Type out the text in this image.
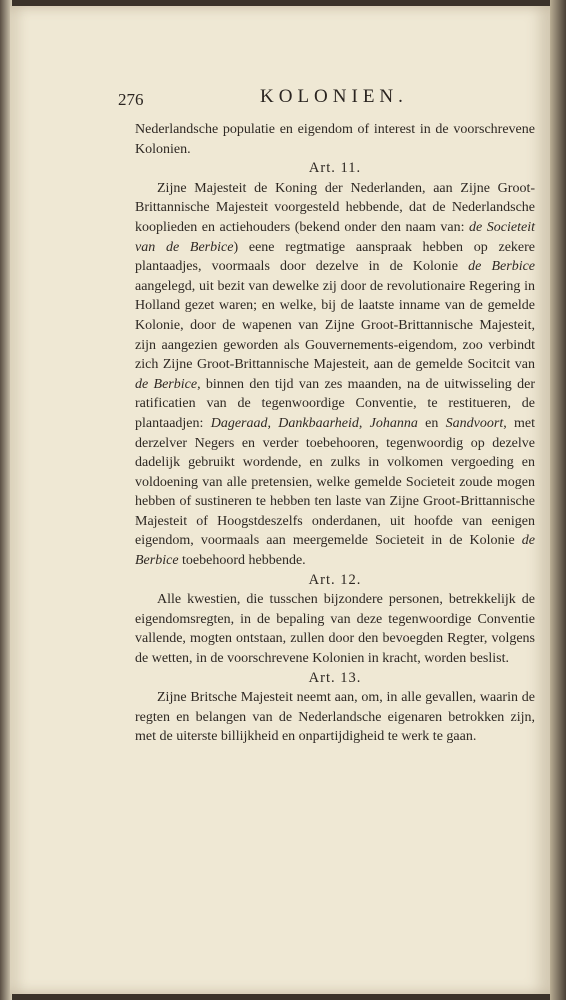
276	KOLONIEN.

Nederlandsche populatie en eigendom of interest in de voorschrevene Kolonien.

Art. 11.

Zijne Majesteit de Koning der Nederlanden, aan Zijne Groot-Brittannische Majesteit voorgesteld hebbende, dat de Nederlandsche kooplieden en actiehouders (bekend onder den naam van: de Societeit van de Berbice) eene regtmatige aanspraak hebben op zekere plantaadjes, voormaals door dezelve in de Kolonie de Berbice aangelegd, uit bezit van dewelke zij door de revolutionaire Regering in Holland gezet waren; en welke, bij de laatste inname van de gemelde Kolonie, door de wapenen van Zijne Groot-Brittannische Majesteit, zijn aangezien geworden als Gouvernements-eigendom, zoo verbindt zich Zijne Groot-Brittannische Majesteit, aan de gemelde Socitcit van de Berbice, binnen den tijd van zes maanden, na de uitwisseling der ratificatien van de tegenwoordige Conventie, te restitueren, de plantaadjen: Dageraad, Dankbaarheid, Johanna en Sandvoort, met derzelver Negers en verder toebehooren, tegenwoordig op dezelve dadelijk gebruikt wordende, en zulks in volkomen vergoeding en voldoening van alle pretensien, welke gemelde Societeit zoude mogen hebben of sustineren te hebben ten laste van Zijne Groot-Brittannische Majesteit of Hoogstdeszelfs onderdanen, uit hoofde van eenigen eigendom, voormaals aan meergemelde Societeit in de Kolonie de Berbice toebehoord hebbende.

Art. 12.

Alle kwestien, die tusschen bijzondere personen, betrekkelijk de eigendomsregten, in de bepaling van deze tegenwoordige Conventie vallende, mogten ontstaan, zullen door den bevoegden Regter, volgens de wetten, in de voorschrevene Kolonien in kracht, worden beslist.

Art. 13.

Zijne Britsche Majesteit neemt aan, om, in alle gevallen, waarin de regten en belangen van de Nederlandsche eigenaren betrokken zijn, met de uiterste billijkheid en onpartijdigheid te werk te gaan.
